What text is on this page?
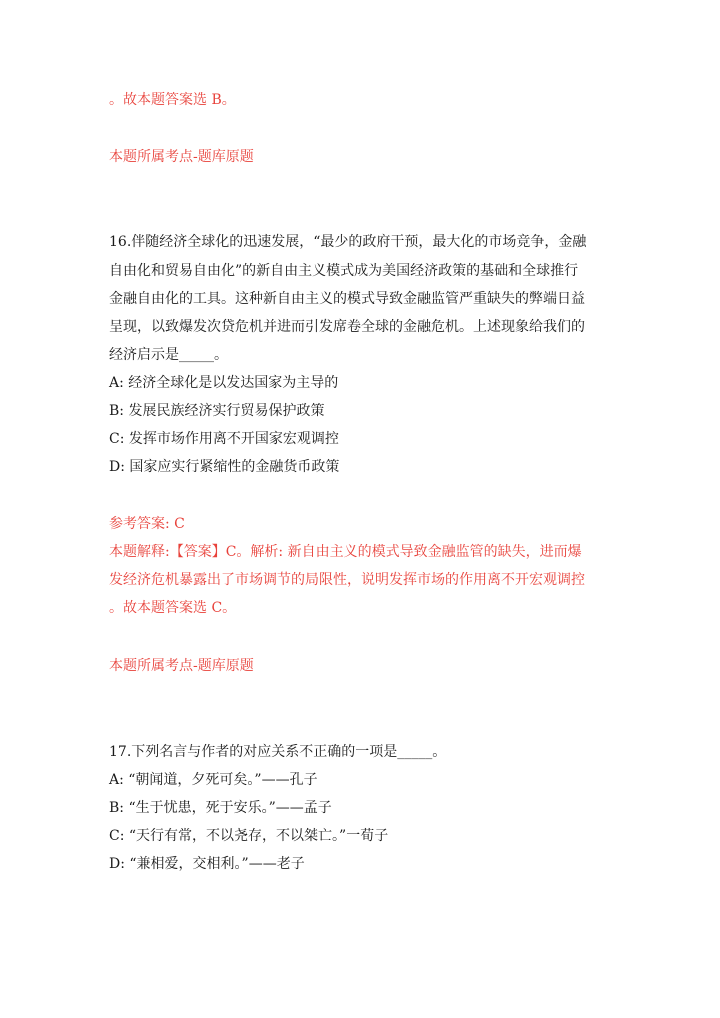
。故本题答案选 B。
本题所属考点-题库原题
16.伴随经济全球化的迅速发展，“最少的政府干预，最大化的市场竞争，金融
自由化和贸易自由化”的新自由主义模式成为美国经济政策的基础和全球推行
金融自由化的工具。这种新自由主义的模式导致金融监管严重缺失的弊端日益
呈现，以致爆发次贷危机并进而引发席卷全球的金融危机。上述现象给我们的
经济启示是_____。
A: 经济全球化是以发达国家为主导的
B: 发展民族经济实行贸易保护政策
C: 发挥市场作用离不开国家宏观调控
D: 国家应实行紧缩性的金融货币政策
参考答案: C
本题解释:【答案】C。解析: 新自由主义的模式导致金融监管的缺失，进而爆
发经济危机暴露出了市场调节的局限性，说明发挥市场的作用离不开宏观调控
。故本题答案选 C。
本题所属考点-题库原题
17.下列名言与作者的对应关系不正确的一项是_____。
A: “朝闻道，夕死可矣。”——孔子
B: “生于忧患，死于安乐。”——孟子
C: “天行有常，不以尧存，不以桀亡。”一荀子
D: “兼相爱，交相利。”——老子
